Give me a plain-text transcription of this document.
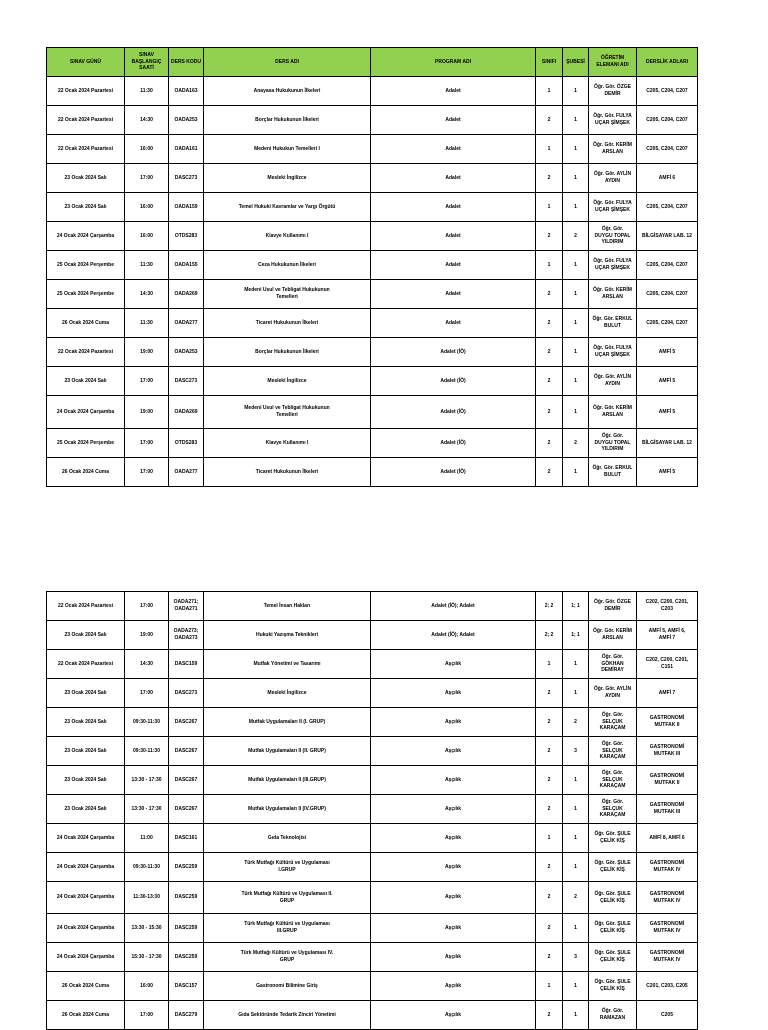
SINAV GÜNÜ	SINAV
BAŞLANGIÇ
SAATİ	DERS KODU	DERS ADI	PROGRAM ADI	SINIFI	ŞUBESİ	ÖĞRETİM
ELEMANI ADI	DERSLİK ADLARI
22 Ocak 2024 Pazartesi	11:30	OADA163	Anayasa Hukukunun İlkeleri	Adalet	1	1	Öğr. Gör. ÖZGE
DEMİR	C205, C204, C207
22 Ocak 2024 Pazartesi	14:30	OADA253	Borçlar Hukukunun İlkeleri	Adalet	2	1	Öğr. Gör. FULYA
UÇAR ŞİMŞEK	C205, C204, C207
22 Ocak 2024 Pazartesi	16:00	OADA161	Medeni Hukukun Temelleri I	Adalet	1	1	Öğr. Gör. KERİM
ARSLAN	C205, C204, C207
23 Ocak 2024 Salı	17:00	DASC273	Mesleki İngilizce	Adalet	2	1	Öğr. Gör. AYLİN
AYDIN	AMFİ 6
23 Ocak 2024 Salı	16:00	OADA159	Temel Hukuki Kavramlar ve Yargı Örgütü	Adalet	1	1	Öğr. Gör. FULYA
UÇAR ŞİMŞEK	C205, C204, C207
24 Ocak 2024 Çarşamba	16:00	OTDS283	Klavye Kullanımı I	Adalet	2	2	Öğr. Gör.
DUYGU TOPAL
YILDIRIM	BİLGİSAYAR LAB. 12
25 Ocak 2024 Perşembe	11:30	OADA155	Ceza Hukukunun İlkeleri	Adalet	1	1	Öğr. Gör. FULYA
UÇAR ŞİMŞEK	C205, C204, C207
25 Ocak 2024 Perşembe	14:30	OADA269	Medeni Usul ve Tebligat Hukukunun
Temelleri	Adalet	2	1	Öğr. Gör. KERİM
ARSLAN	C205, C204, C207
26 Ocak 2024 Cuma	11:30	OADA277	Ticaret Hukukunun İlkeleri	Adalet	2	1	Öğr. Gör. ERKUL
BULUT	C205, C204, C207
22 Ocak 2024 Pazartesi	19:00	OADA253	Borçlar Hukukunun İlkeleri	Adalet (İÖ)	2	1	Öğr. Gör. FULYA
UÇAR ŞİMŞEK	AMFİ 5
23 Ocak 2024 Salı	17:00	DASC273	Mesleki İngilizce	Adalet (İÖ)	2	1	Öğr. Gör. AYLİN
AYDIN	AMFİ 5
24 Ocak 2024 Çarşamba	19:00	OADA269	Medeni Usul ve Tebligat Hukukunun
Temelleri	Adalet (İÖ)	2	1	Öğr. Gör. KERİM
ARSLAN	AMFİ 5
25 Ocak 2024 Perşembe	17:00	OTDS283	Klavye Kullanımı I	Adalet (İÖ)	2	2	Öğr. Gör.
DUYGU TOPAL
YILDIRIM	BİLGİSAYAR LAB. 12
26 Ocak 2024 Cuma	17:00	OADA277	Ticaret Hukukunun İlkeleri	Adalet (İÖ)	2	1	Öğr. Gör. ERKUL
BULUT	AMFİ 5
22 Ocak 2024 Pazartesi	17:00	OADA271;
OADA271	Temel İnsan Hakları	Adalet (İÖ); Adalet	2; 2	1; 1	Öğr. Gör. ÖZGE
DEMİR	C202, C200, C201,
C203
23 Ocak 2024 Salı	19:00	OADA273;
OADA273	Hukuki Yazışma Teknikleri	Adalet (İÖ); Adalet	2; 2	1; 1	Öğr. Gör. KERİM
ARSLAN	AMFİ 5, AMFİ 6,
AMFİ 7
22 Ocak 2024 Pazartesi	14:30	DASC159	Mutfak Yönetimi ve Tasarımı	Aşçılık	1	1	Öğr. Gör.
GÖKHAN
DEMİRAY	C202, C200, C201,
C151
23 Ocak 2024 Salı	17:00	DASC273	Mesleki İngilizce	Aşçılık	2	1	Öğr. Gör. AYLİN
AYDIN	AMFİ 7
23 Ocak 2024 Salı	09:30-11:30	DASC267	Mutfak Uygulamaları II (I. GRUP)	Aşçılık	2	2	Öğr. Gör.
SELÇUK
KARAÇAM	GASTRONOMİ
MUTFAK II
23 Ocak 2024 Salı	09:30-11:30	DASC267	Mutfak Uygulamaları II (II. GRUP)	Aşçılık	2	3	Öğr. Gör.
SELÇUK
KARAÇAM	GASTRONOMİ
MUTFAK III
23 Ocak 2024 Salı	13:30 - 17:30	DASC267	Mutfak Uygulamaları II (III.GRUP)	Aşçılık	2	1	Öğr. Gör.
SELÇUK
KARAÇAM	GASTRONOMİ
MUTFAK II
23 Ocak 2024 Salı	13:30 - 17:30	DASC267	Mutfak Uygulamaları II (IV.GRUP)	Aşçılık	2	1	Öğr. Gör.
SELÇUK
KARAÇAM	GASTRONOMİ
MUTFAK III
24 Ocak 2024 Çarşamba	11:00	DASC161	Gıda Teknolojisi	Aşçılık	1	1	Öğr. Gör. ŞULE
ÇELİK KİŞ	AMFİ 8, AMFİ 6
24 Ocak 2024 Çarşamba	09:30-11:30	DASC259	Türk Mutfağı Kültürü ve Uygulaması
I.GRUP	Aşçılık	2	1	Öğr. Gör. ŞULE
ÇELİK KİŞ	GASTRONOMİ
MUTFAK IV
24 Ocak 2024 Çarşamba	11:30-13:30	DASC259	Türk Mutfağı Kültürü ve Uygulaması II.
GRUP	Aşçılık	2	2	Öğr. Gör. ŞULE
ÇELİK KİŞ	GASTRONOMİ
MUTFAK IV
24 Ocak 2024 Çarşamba	13:30 - 15:30	DASC259	Türk Mutfağı Kültürü ve Uygulaması
III.GRUP	Aşçılık	2	1	Öğr. Gör. ŞULE
ÇELİK KİŞ	GASTRONOMİ
MUTFAK IV
24 Ocak 2024 Çarşamba	15:30 - 17:30	DASC259	Türk Mutfağı Kültürü ve Uygulaması IV.
GRUP	Aşçılık	2	3	Öğr. Gör. ŞULE
ÇELİK KİŞ	GASTRONOMİ
MUTFAK IV
26 Ocak 2024 Cuma	16:00	DASC157	Gastronomi Bilimine Giriş	Aşçılık	1	1	Öğr. Gör. ŞULE
ÇELİK KİŞ	C201, C203, C205
26 Ocak 2024 Cuma	17:00	DASC279	Gıda Sektöründe Tedarik Zinciri Yönetimi	Aşçılık	2	1	Öğr. Gör.
RAMAZAN	C205
